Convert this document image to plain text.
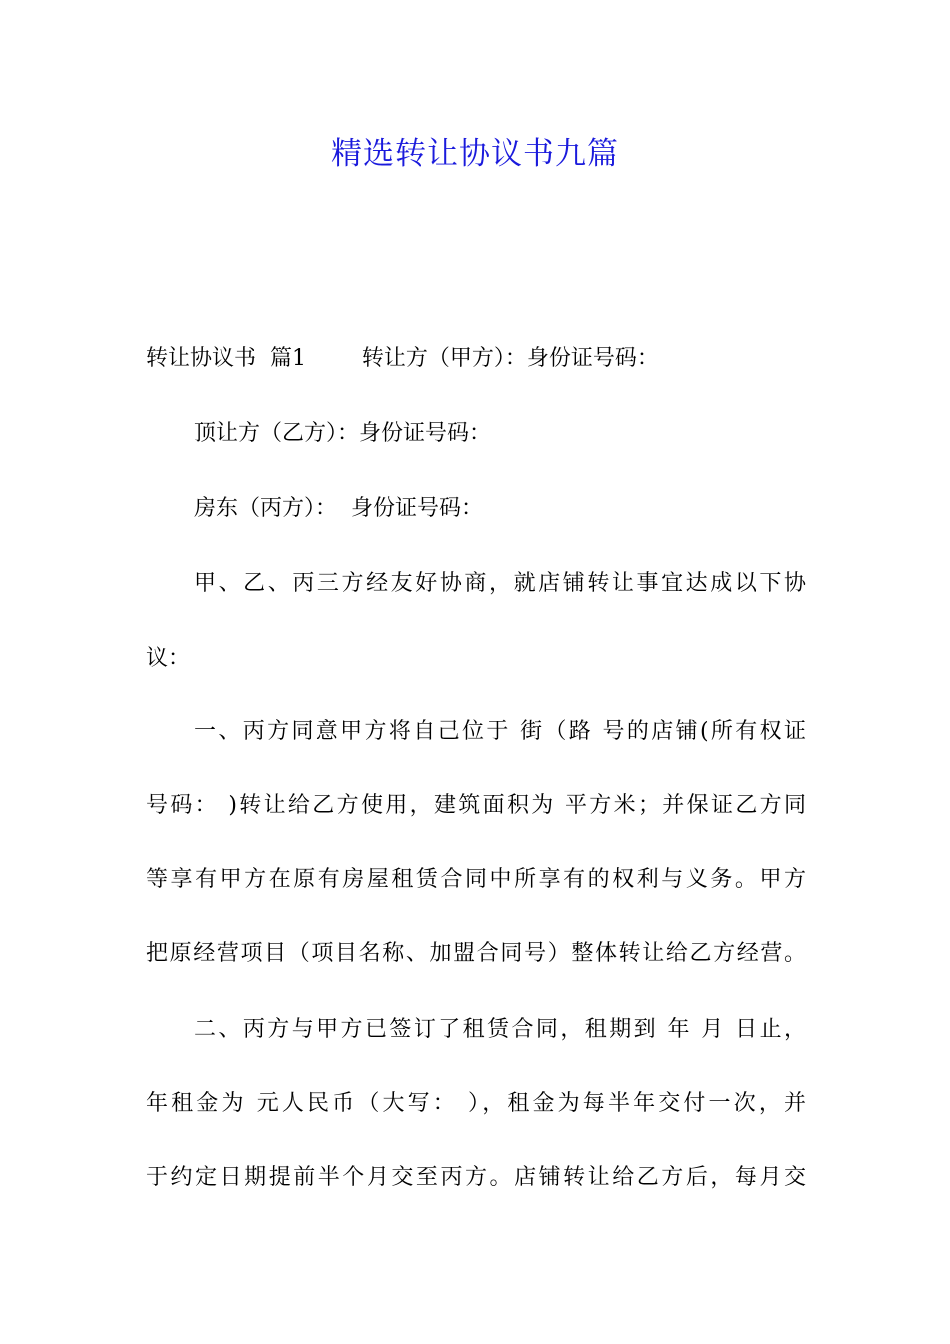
精选转让协议书九篇

转让协议书  篇1        转让方（甲方）：身份证号码：

顶让方（乙方）：身份证号码：

房东（丙方）：  身份证号码：

甲、乙、丙三方经友好协商，就店铺转让事宜达成以下协

议：

一、丙方同意甲方将自己位于 街（路 号的店铺(所有权证

号码： )转让给乙方使用，建筑面积为 平方米；并保证乙方同

等享有甲方在原有房屋租赁合同中所享有的权利与义务。甲方

把原经营项目（项目名称、加盟合同号）整体转让给乙方经营。

二、丙方与甲方已签订了租赁合同，租期到 年 月 日止，

年租金为 元人民币（大写： ），租金为每半年交付一次，并

于约定日期提前半个月交至丙方。店铺转让给乙方后，每月交
